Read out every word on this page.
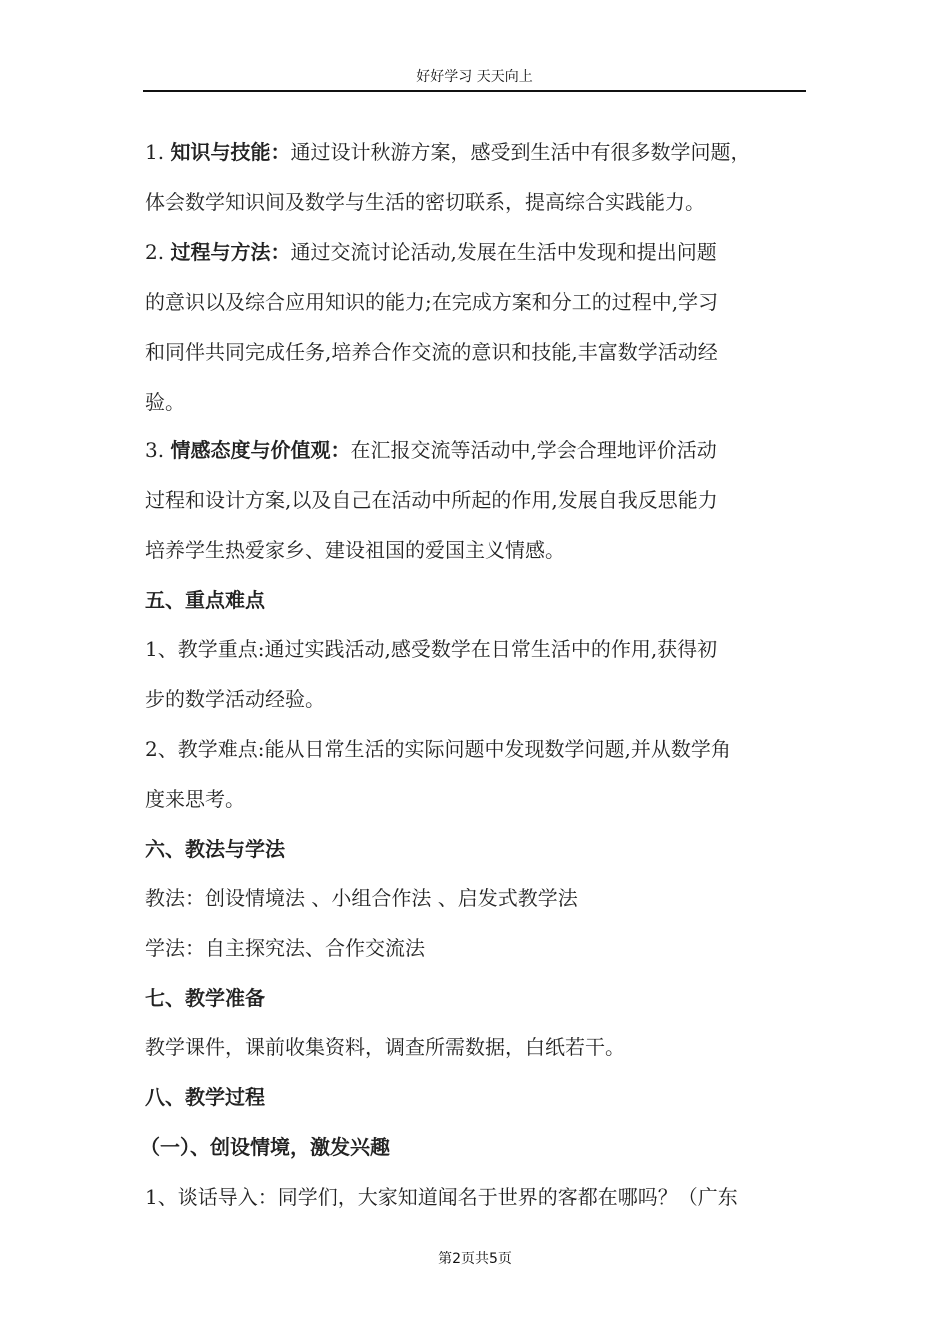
好好学习 天天向上
1. 知识与技能：通过设计秋游方案，感受到生活中有很多数学问题，
体会数学知识间及数学与生活的密切联系，提高综合实践能力。
2. 过程与方法：通过交流讨论活动,发展在生活中发现和提出问题
的意识以及综合应用知识的能力;在完成方案和分工的过程中,学习
和同伴共同完成任务,培养合作交流的意识和技能,丰富数学活动经
验。
3. 情感态度与价值观：在汇报交流等活动中,学会合理地评价活动
过程和设计方案,以及自己在活动中所起的作用,发展自我反思能力
培养学生热爱家乡、建设祖国的爱国主义情感。
五、重点难点
1、教学重点:通过实践活动,感受数学在日常生活中的作用,获得初
步的数学活动经验。
2、教学难点:能从日常生活的实际问题中发现数学问题,并从数学角
度来思考。
六、教法与学法
教法：创设情境法 、小组合作法 、启发式教学法
学法：自主探究法、合作交流法
七、教学准备
教学课件，课前收集资料，调查所需数据，白纸若干。
八、教学过程
（一）、创设情境，激发兴趣
1、谈话导入：同学们，大家知道闻名于世界的客都在哪吗？（广东
第2页共5页
